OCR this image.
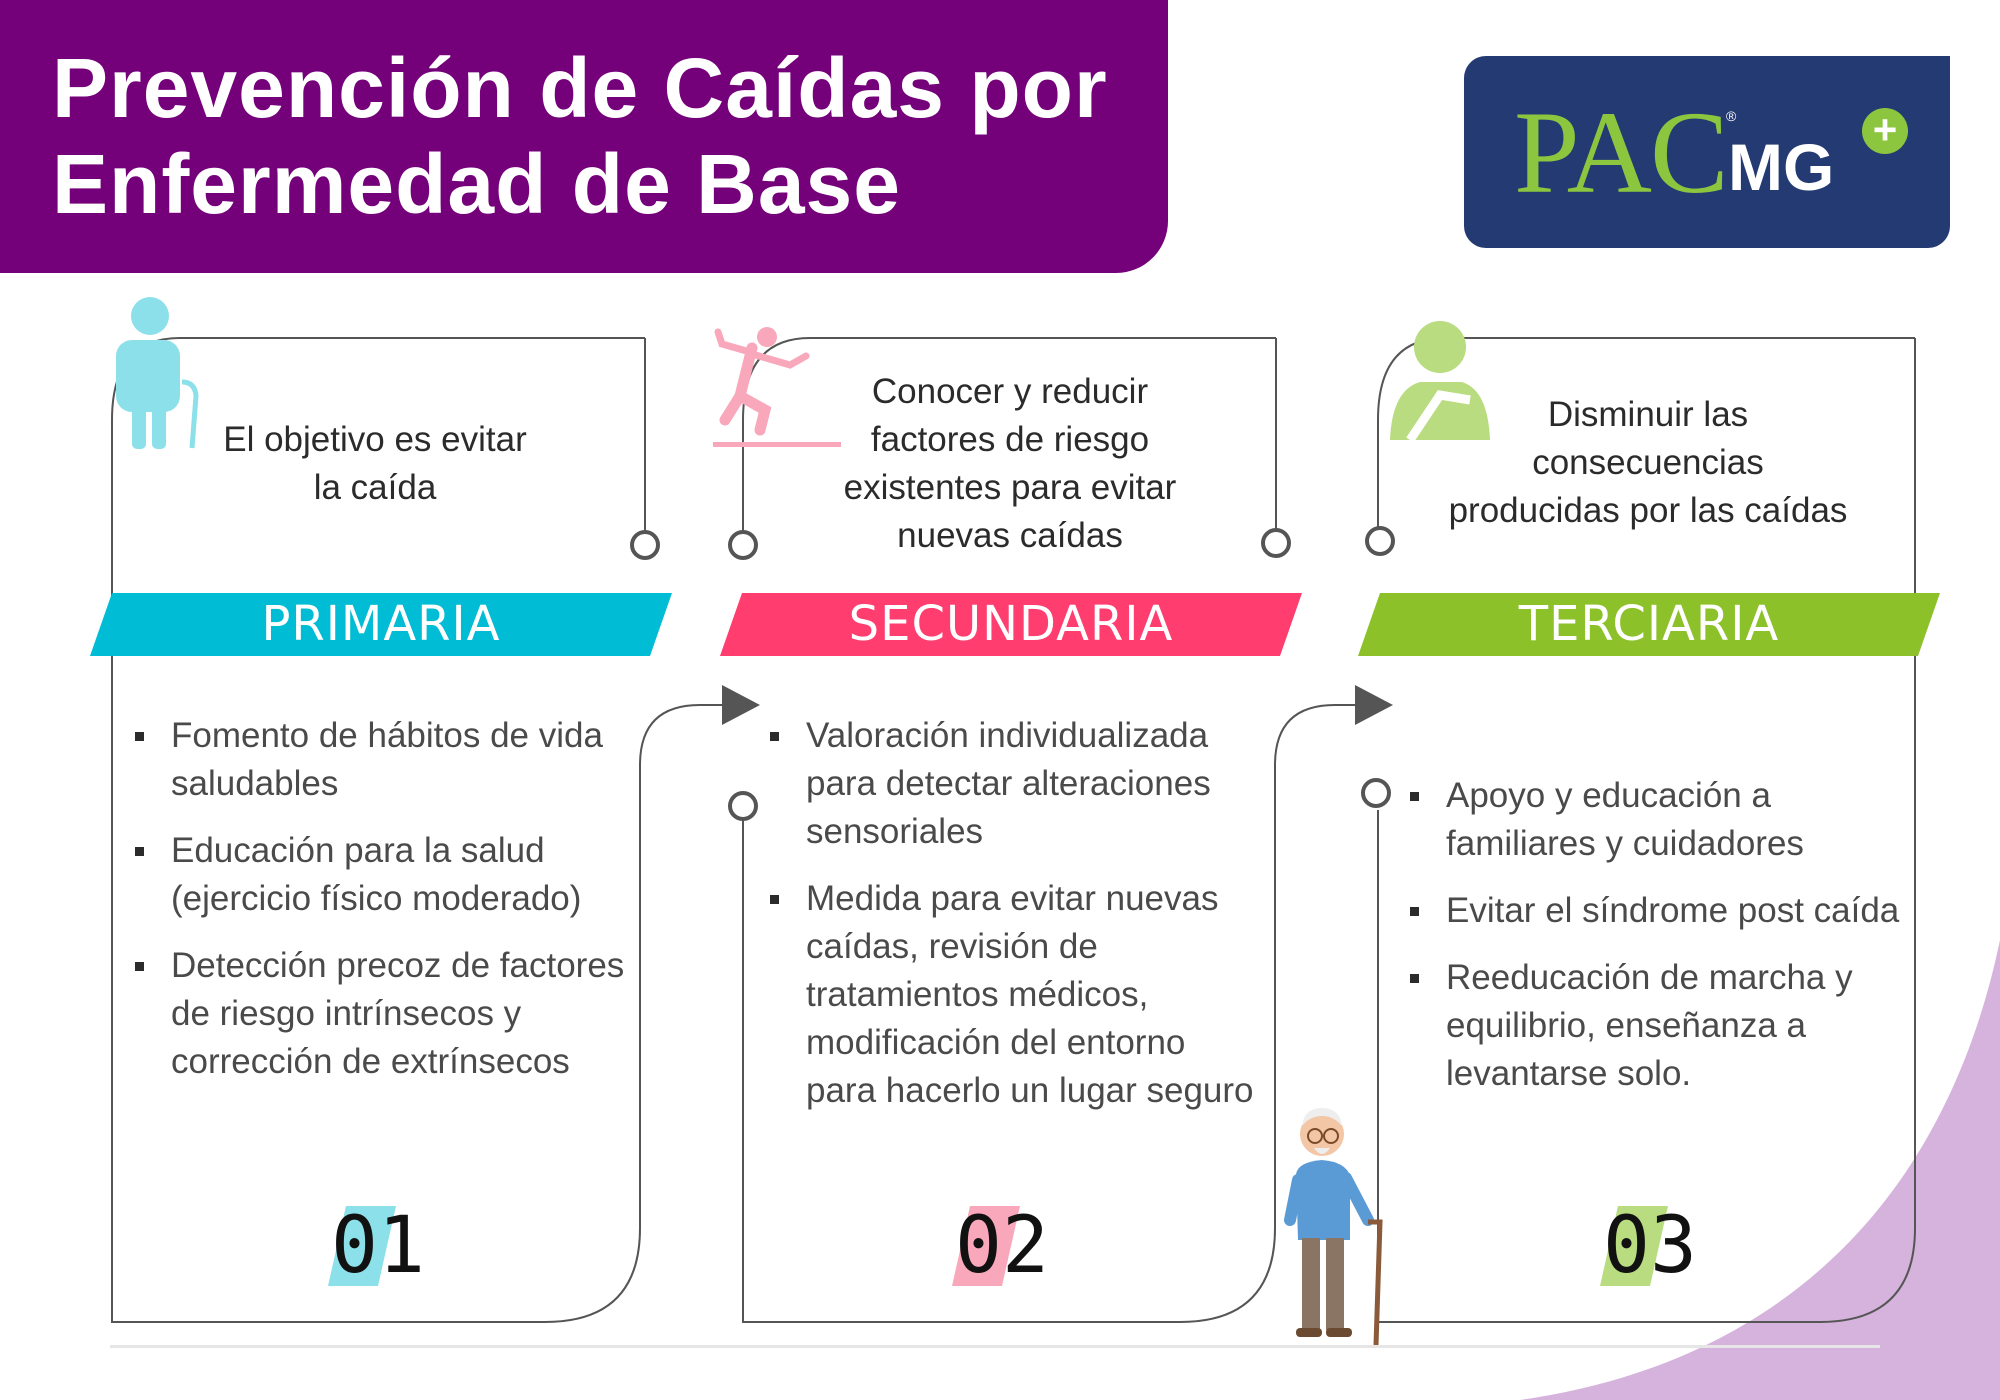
Prevención de Caídas por
Enfermedad de Base	PAC ®
MG
+
El objetivo es evitar
la caída
Conocer y reducir
factores de riesgo
existentes para evitar
nuevas caídas
Disminuir las
consecuencias
producidas por las caídas
PRIMARIA	SECUNDARIA	TERCIARIA
Fomento de hábitos de vida saludables
Educación para la salud (ejercicio físico moderado)
Detección precoz de factores de riesgo intrínsecos y corrección de extrínsecos
Valoración individualizada para detectar alteraciones sensoriales
Medida para evitar nuevas caídas, revisión de tratamientos médicos, modificación del entorno para hacerlo un lugar seguro
Apoyo y educación a familiares y cuidadores
Evitar el síndrome post caída
Reeducación de marcha y equilibrio, enseñanza a levantarse solo.
01	02	03
